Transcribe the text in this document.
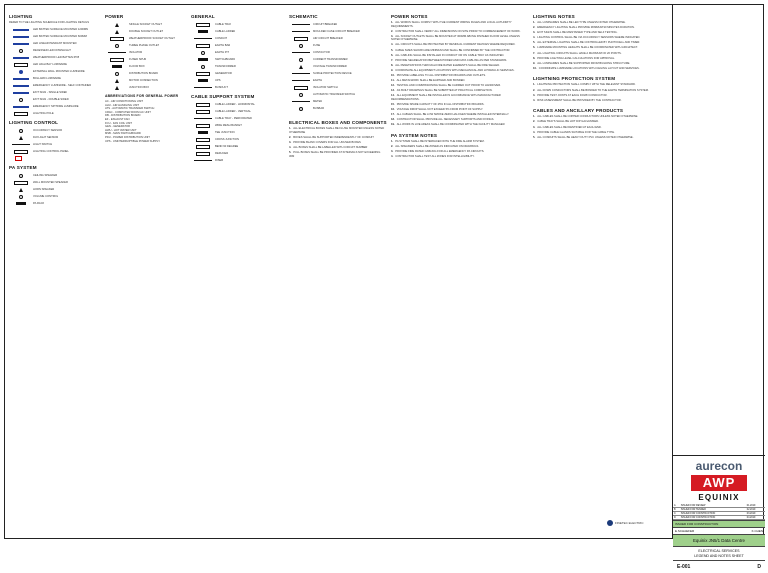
LIGHTING
REFER TO THE LIGHTING SCHEDULE FOR LIGHTING DETAILS
LED BATTEN SURFACE MOUNTED 1200MM
LED BATTEN SURFACE MOUNTED 600MM
LED LINEAR PENDANT MOUNTED
RECESSED LED DOWNLIGHT
WEATHERPROOF LED BATTEN IP65
LED HIGH BAY LUMINAIRE
EXTERNAL WALL MOUNTED LUMINAIRE
BOLLARD LUMINAIRE
EMERGENCY LUMINAIRE - SELF CONTAINED
EXIT SIGN - SINGLE SIDED
EXIT SIGN - DOUBLE SIDED
EMERGENCY SPITFIRE LUMINAIRE
LIGHTING POLE
LIGHTING CONTROL
OCCUPANCY SENSOR
DAYLIGHT SENSOR
LIGHT SWITCH
LIGHTING CONTROL PANEL
PA SYSTEM
CEILING SPEAKER
WALL MOUNTED SPEAKER
HORN SPEAKER
VOLUME CONTROL
PA RACK
POWER
SINGLE SOCKET OUTLET
DOUBLE SOCKET OUTLET
WEATHERPROOF SOCKET OUTLET
THREE PHASE OUTLET
ISOLATOR
FUSED SPUR
FLOOR BOX
DISTRIBUTION BOARD
MOTOR CONNECTION
JUNCTION BOX
ABBREVIATIONS FOR GENERAL POWER
AC - AIR CONDITIONING UNIT
AHU - AIR HANDLING UNIT
ATS - AUTOMATIC TRANSFER SWITCH
CRAC - COMPUTER ROOM AC UNIT
DB - DISTRIBUTION BOARD
EF - EXHAUST FAN
FCU - FAN COIL UNIT
GEN - GENERATOR
HWU - HOT WATER UNIT
MSB - MAIN SWITCHBOARD
PDU - POWER DISTRIBUTION UNIT
UPS - UNINTERRUPTIBLE POWER SUPPLY
GENERAL
CABLE TRAY
CABLE LADDER
CONDUIT
EARTH BAR
EARTH PIT
SWITCHBOARD
TRANSFORMER
GENERATOR
UPS
BUSDUCT
CABLE SUPPORT SYSTEM
CABLE LADDER - HORIZONTAL
CABLE LADDER - VERTICAL
CABLE TRAY - PERFORATED
WIRE MESH BASKET
TEE JUNCTION
CROSS JUNCTION
BEND 90 DEGREE
REDUCER
RISER
SCHEMATIC
CIRCUIT BREAKER
MOULDED CASE CIRCUIT BREAKER
AIR CIRCUIT BREAKER
FUSE
CONTACTOR
CURRENT TRANSFORMER
VOLTAGE TRANSFORMER
SURGE PROTECTION DEVICE
EARTH
ISOLATOR SWITCH
AUTOMATIC TRANSFER SWITCH
METER
BUSBAR
ELECTRICAL BOXES AND COMPONENTS
1. ALL ELECTRICAL BOXES SHALL BE FLUSH MOUNTED UNLESS NOTED OTHERWISE
2. BOXES SHALL BE SUPPORTED INDEPENDENTLY OF CONDUIT
3. PROVIDE BLANK COVERS FOR ALL UNUSED BOXES
4. ALL BOXES SHALL BE LABELLED WITH CIRCUIT NUMBER
5. PULL BOXES SHALL BE PROVIDED AT INTERVALS NOT EXCEEDING 30M
POWER NOTES
1. ALL WORKS SHALL COMPLY WITH THE CURRENT WIRING RULES AND LOCAL AUTHORITY REQUIREMENTS.
2. CONTRACTOR SHALL VERIFY ALL DIMENSIONS ON SITE PRIOR TO COMMENCEMENT OF WORK.
3. ALL SOCKET OUTLETS SHALL BE MOUNTED AT 300MM ABOVE FINISHED FLOOR LEVEL UNLESS NOTED OTHERWISE.
4. ALL CIRCUITS SHALL BE PROTECTED BY RESIDUAL CURRENT DEVICES WHERE REQUIRED.
5. CABLE SIZES SHOWN ARE MINIMUM AND SHALL BE CONFIRMED BY THE CONTRACTOR.
6. ALL CABLING SHALL BE INSTALLED IN CONDUIT OR ON CABLE TRAY AS INDICATED.
7. PROVIDE SEGREGATION BETWEEN POWER AND DATA CABLING AS PER STANDARDS.
8. ALL PENETRATIONS THROUGH FIRE RATED ELEMENTS SHALL BE FIRE SEALED.
9. COORDINATE ALL EQUIPMENT LOCATIONS WITH MECHANICAL AND HYDRAULIC SERVICES.
10. PROVIDE LABELLING TO ALL DISTRIBUTION BOARDS AND OUTLETS.
11. ALL METALWORK SHALL BE EARTHED AND BONDED.
12. TESTING AND COMMISSIONING SHALL BE CARRIED OUT PRIOR TO HANDOVER.
13. AS BUILT DRAWINGS SHALL BE SUBMITTED AT PRACTICAL COMPLETION.
14. ALL EQUIPMENT SHALL BE INSTALLED IN ACCORDANCE WITH MANUFACTURER RECOMMENDATIONS.
15. PROVIDE SPARE CAPACITY OF 25% IN ALL DISTRIBUTION BOARDS.
16. VOLTAGE DROP SHALL NOT EXCEED 5% FROM POINT OF SUPPLY.
17. ALL CABLES SHALL BE LOW SMOKE ZERO HALOGEN WHERE INSTALLED INTERNALLY.
18. CONTRACTOR SHALL PROVIDE ALL NECESSARY SUPPORTS AND FIXINGS.
19. ALL WORK IN LIVE AREAS SHALL BE COORDINATED WITH THE FACILITY MANAGER.
PA SYSTEM NOTES
1. PA SYSTEM SHALL BE INTERFACED WITH THE FIRE ALARM SYSTEM.
2. ALL SPEAKERS SHALL BE ZONED AS INDICATED ON DRAWINGS.
3. PROVIDE FIRE RATED CABLING FOR ALL EMERGENCY PA CIRCUITS.
4. CONTRACTOR SHALL TEST ALL ZONES FOR INTELLIGIBILITY.
LIGHTING NOTES
1. ALL LUMINAIRES SHALL BE LED TYPE UNLESS NOTED OTHERWISE.
2. EMERGENCY LIGHTING SHALL PROVIDE MINIMUM 90 MINUTES DURATION.
3. EXIT SIGNS SHALL BE MAINTAINED TYPE AND SELF TESTING.
4. LIGHTING CONTROL SHALL BE VIA OCCUPANCY SENSORS WHERE INDICATED.
5. ALL EXTERNAL LIGHTING SHALL BE CONTROLLED BY PHOTOCELL AND TIMER.
6. LUMINAIRE MOUNTING HEIGHTS SHALL BE COORDINATED WITH ARCHITECT.
7. ALL LIGHTING CIRCUITS SHALL HAVE A MAXIMUM OF 20 POINTS.
8. PROVIDE LIGHTING LEVEL CALCULATIONS FOR APPROVAL.
9. ALL LUMINAIRES SHALL BE SUPPORTED FROM BUILDING STRUCTURE.
10. COORDINATE LUMINAIRE LOCATIONS WITH CEILING LAYOUT AND SERVICES.
LIGHTNING PROTECTION SYSTEM
1. LIGHTNING PROTECTION SHALL COMPLY WITH THE RELEVANT STANDARD.
2. ALL DOWN CONDUCTORS SHALL BE BONDED TO THE EARTH TERMINATION SYSTEM.
3. PROVIDE TEST JOINTS AT EACH DOWN CONDUCTOR.
4. RISK ASSESSMENT SHALL BE PROVIDED BY THE CONTRACTOR.
CABLES AND ANCILLARY PRODUCTS
1. ALL CABLES SHALL BE COPPER CONDUCTORS UNLESS NOTED OTHERWISE.
2. CABLE TRAYS SHALL BE HOT DIP GALVANISED.
3. ALL CABLES SHALL BE IDENTIFIED AT EACH END.
4. PROVIDE CABLE GLANDS SUITABLE FOR THE CABLE TYPE.
5. ALL CONDUITS SHALL BE HEAVY DUTY PVC UNLESS NOTED OTHERWISE.
aurecon
AWP
EQUINIX
A	ISSUED FOR REVIEW	01.2019
B	ISSUED FOR TENDER	02.2019
C	ISSUED FOR CONSTRUCTION	03.2019
D	ISSUED FOR CONSTRUCTION	04.2019
ISSUED FOR CONSTRUCTION
E.SCHAEFER	K.CHEN
Equinix JN5/1 Data Centre
ELECTRICAL SERVICES
LEGEND AND NOTES SHEET
E-001	D
FINETEC ELECTRIC
